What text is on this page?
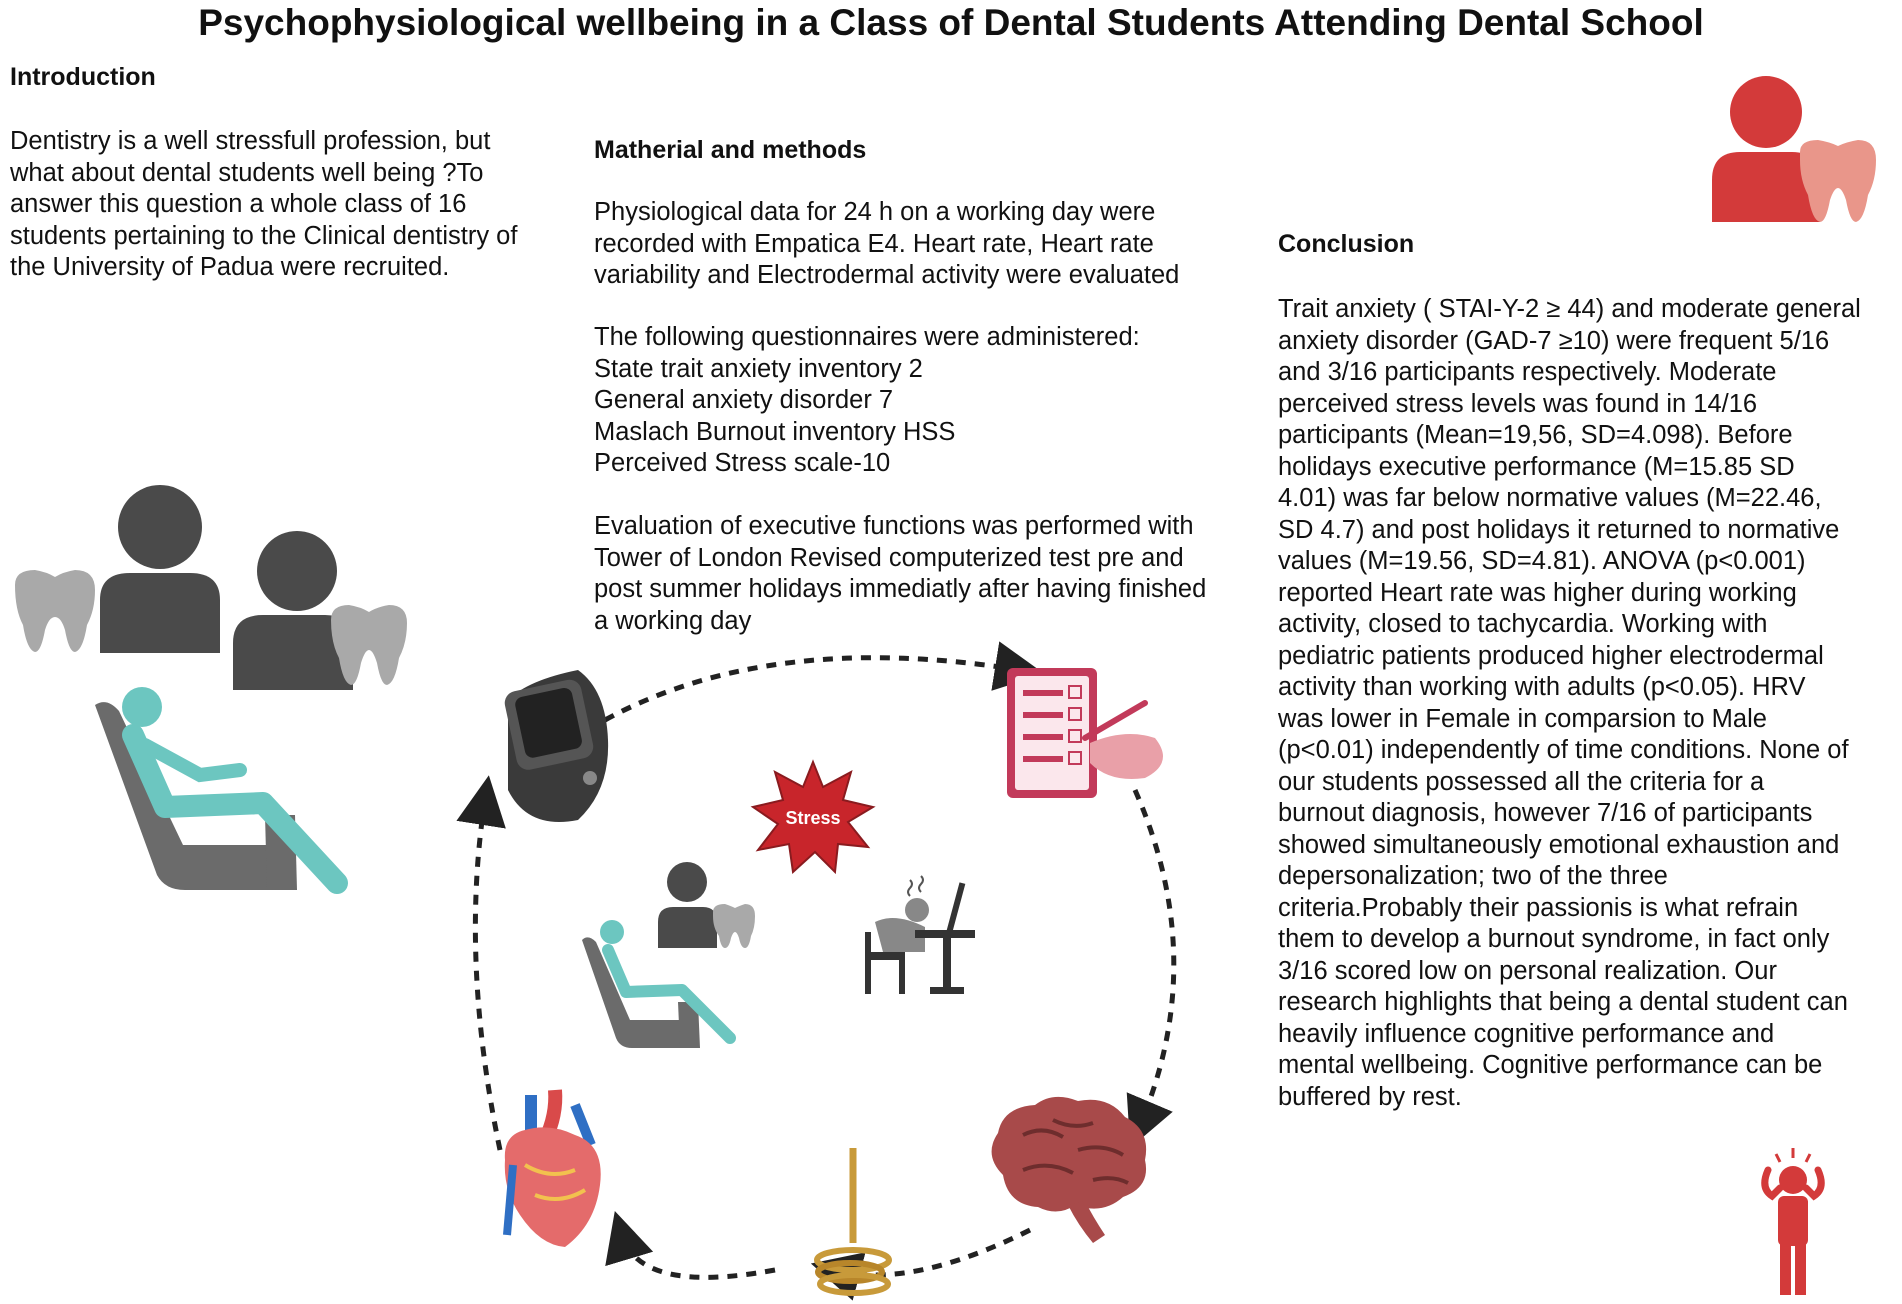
Psychophysiological wellbeing in a Class of Dental Students Attending Dental School
Introduction
Dentistry is a well stressfull profession, but
what about dental students well being ?To
answer this question a whole class of 16
students pertaining to the Clinical dentistry of
the University of Padua were recruited.
Matherial and methods
Physiological data for 24 h on a working day were
recorded with Empatica E4. Heart rate, Heart rate
variability and Electrodermal activity were evaluated
The following questionnaires were administered:
State trait anxiety inventory 2
General anxiety disorder 7
Maslach Burnout inventory HSS
Perceived Stress scale-10
Evaluation of executive functions was performed with
Tower of London Revised computerized test pre and
post summer holidays immediatly after having finished
a working day
Conclusion
Trait anxiety ( STAI-Y-2 ≥ 44) and moderate general
anxiety disorder (GAD-7 ≥10) were frequent 5/16
and 3/16 participants respectively. Moderate
perceived stress levels was found in 14/16
participants (Mean=19,56, SD=4.098). Before
holidays executive performance (M=15.85 SD
4.01) was far below normative values (M=22.46,
SD 4.7) and post holidays it returned to normative
values (M=19.56, SD=4.81). ANOVA (p<0.001)
reported Heart rate was higher during working
activity, closed to tachycardia. Working with
pediatric patients produced higher electrodermal
activity than working with adults (p<0.05). HRV
was lower in Female in comparsion to Male
(p<0.01) independently of time conditions. None of
our students possessed all the criteria for a
burnout diagnosis, however 7/16 of participants
showed simultaneously emotional exhaustion and
depersonalization; two of the three
criteria.Probably their passionis is what refrain
them to develop a burnout syndrome, in fact only
3/16 scored low on personal realization. Our
research highlights that being a dental student can
heavily influence cognitive performance and
mental wellbeing. Cognitive performance can be
buffered by rest.
Stress
